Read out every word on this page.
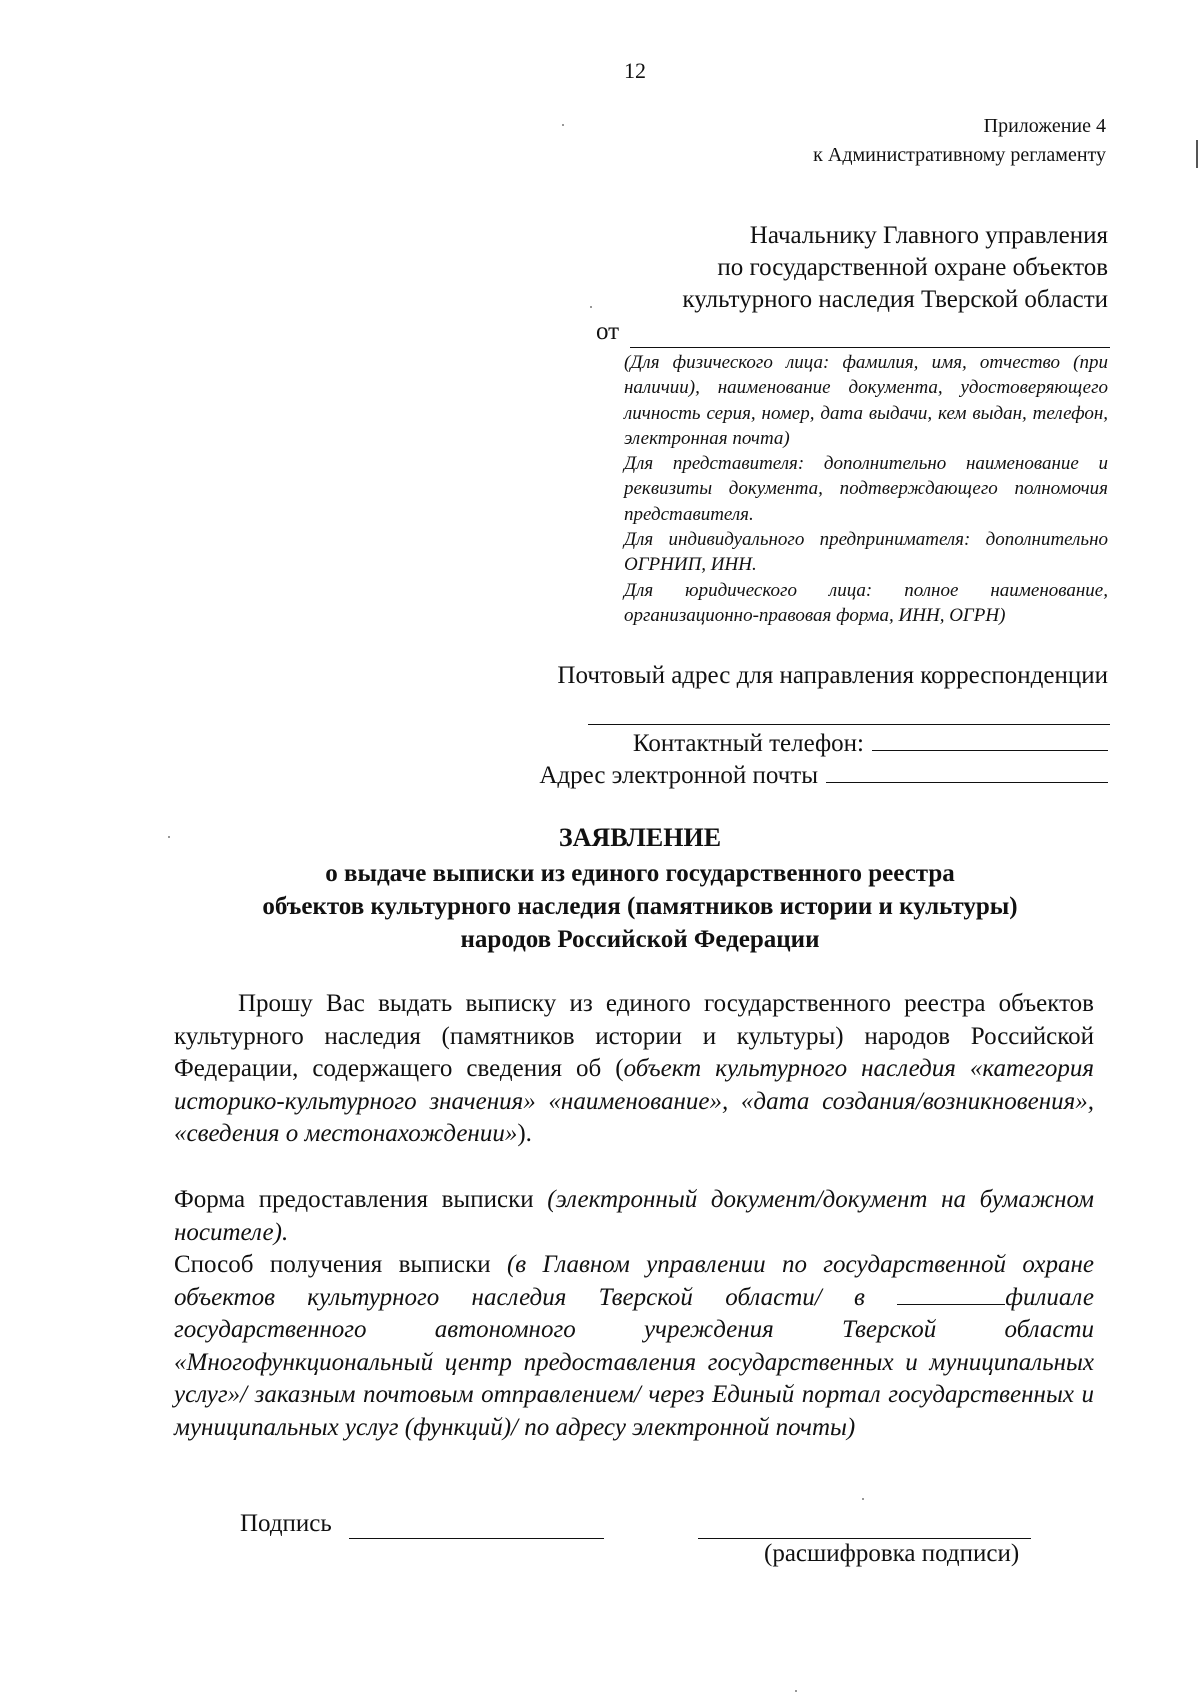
12
Приложение 4
к Административному регламенту
Начальнику Главного управления
по государственной охране объектов
культурного наследия Тверской области
от

(Для физического лица: фамилия, имя, отчество (при наличии), наименование документа, удостоверяющего личность серия, номер, дата выдачи, кем выдан, телефон, электронная почта)

Для представителя: дополнительно наименование и реквизиты документа, подтверждающего полномочия представителя.

Для индивидуального предпринимателя: дополнительно ОГРНИП, ИНН.

Для юридического лица: полное наименование, организационно-правовая форма, ИНН, ОГРН)

Почтовый адрес для направления корреспонденции
Контактный телефон:
Адрес электронной почты
ЗАЯВЛЕНИЕ
о выдаче выписки из единого государственного реестра
объектов культурного наследия (памятников истории и культуры)
народов Российской Федерации

Прошу Вас выдать выписку из единого государственного реестра объектов культурного наследия (памятников истории и культуры) народов Российской Федерации, содержащего сведения об (объект культурного наследия «категория историко-культурного значения» «наименование», «дата создания/возникновения», «сведения о местонахождении»).

Форма предоставления выписки (электронный документ/документ на бумажном носителе).

Способ получения выписки (в Главном управлении по государственной охране объектов культурного наследия Тверской области/ в	филиале государственного автономного учреждения Тверской области «Многофункциональный центр предоставления государственных и муниципальных услуг»/ заказным почтовым отправлением/ через Единый портал государственных и муниципальных услуг (функций)/ по адресу электронной почты)

Подпись
(расшифровка подписи)
